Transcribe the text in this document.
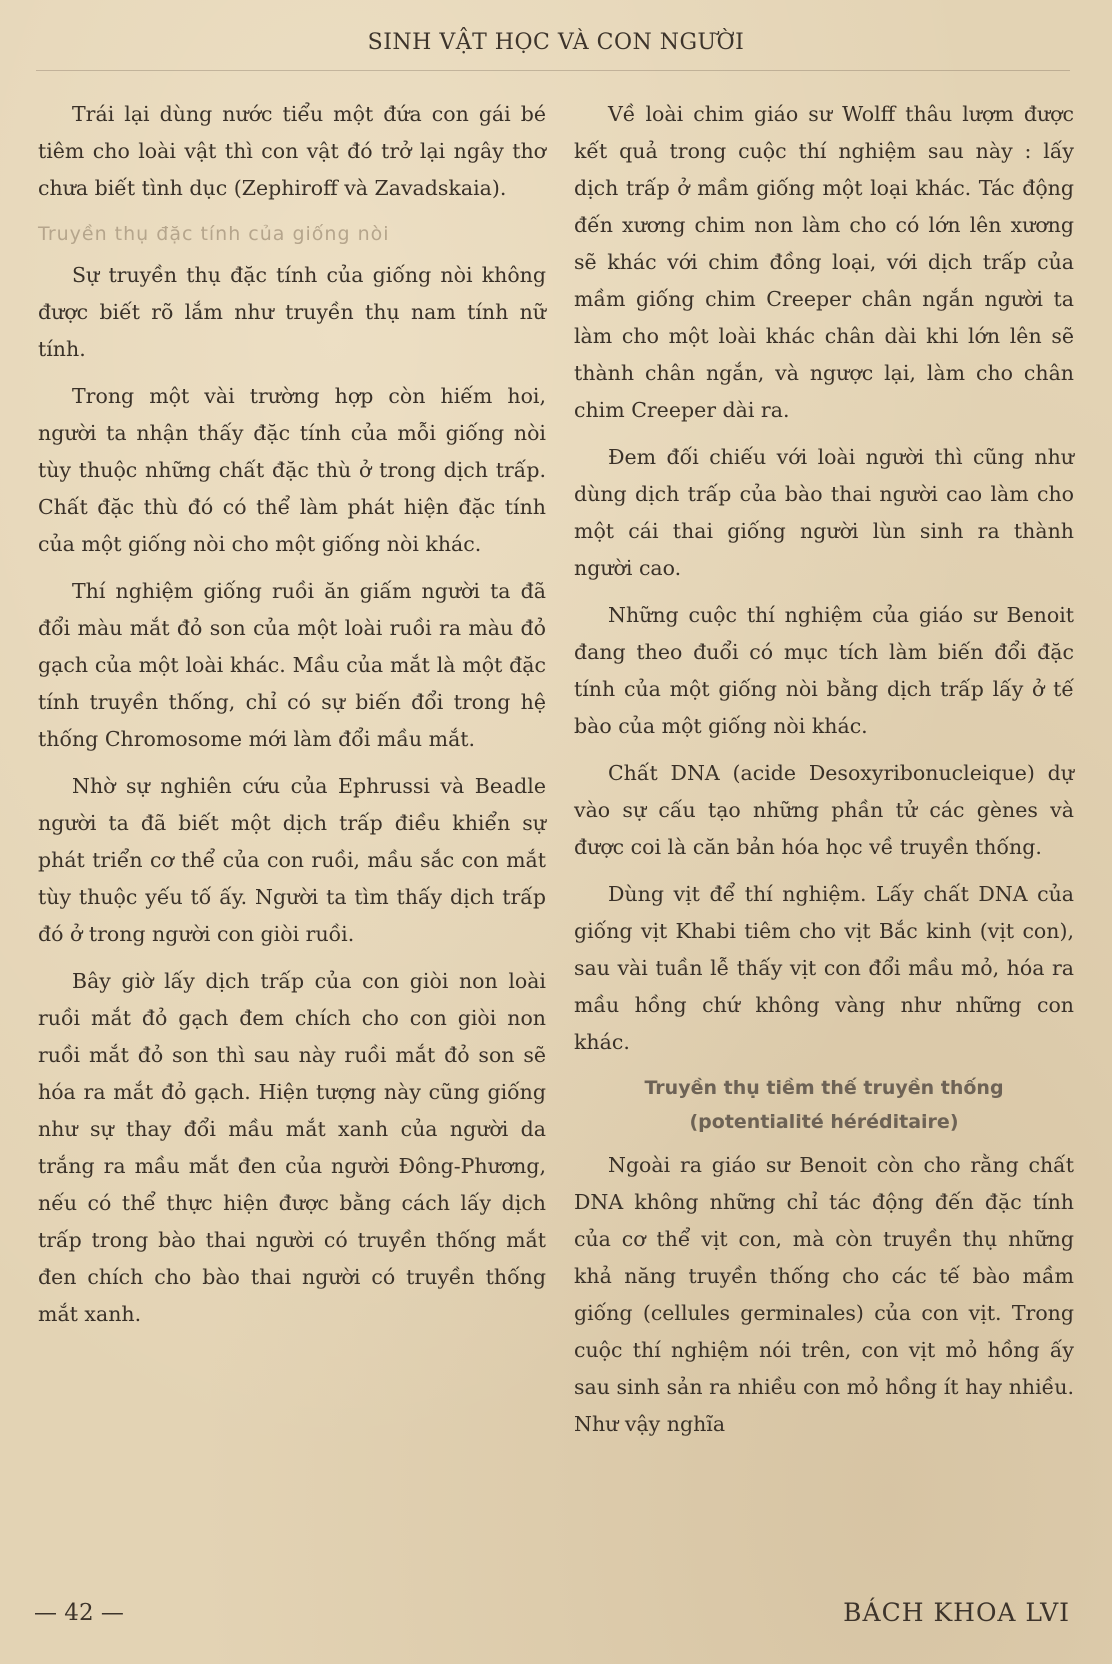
SINH VẬT HỌC VÀ CON NGƯỜI

Trái lại dùng nước tiểu một đứa con gái bé tiêm cho loài vật thì con vật đó trở lại ngây thơ chưa biết tình dục (Zephiroff và Zavadskaia).

Truyền thụ đặc tính của giống nòi

Sự truyền thụ đặc tính của giống nòi không được biết rõ lắm như truyền thụ nam tính nữ tính.

Trong một vài trường hợp còn hiếm hoi, người ta nhận thấy đặc tính của mỗi giống nòi tùy thuộc những chất đặc thù ở trong dịch trấp. Chất đặc thù đó có thể làm phát hiện đặc tính của một giống nòi cho một giống nòi khác.

Thí nghiệm giống ruồi ăn giấm người ta đã đổi màu mắt đỏ son của một loài ruồi ra màu đỏ gạch của một loài khác. Mầu của mắt là một đặc tính truyền thống, chỉ có sự biến đổi trong hệ thống Chromosome mới làm đổi mầu mắt.

Nhờ sự nghiên cứu của Ephrussi và Beadle người ta đã biết một dịch trấp điều khiển sự phát triển cơ thể của con ruồi, mầu sắc con mắt tùy thuộc yếu tố ấy. Người ta tìm thấy dịch trấp đó ở trong người con giòi ruồi.

Bây giờ lấy dịch trấp của con giòi non loài ruồi mắt đỏ gạch đem chích cho con giòi non ruồi mắt đỏ son thì sau này ruồi mắt đỏ son sẽ hóa ra mắt đỏ gạch. Hiện tượng này cũng giống như sự thay đổi mầu mắt xanh của người da trắng ra mầu mắt đen của người Đông-Phương, nếu có thể thực hiện được bằng cách lấy dịch trấp trong bào thai người có truyền thống mắt đen chích cho bào thai người có truyền thống mắt xanh.

Về loài chim giáo sư Wolff thâu lượm được kết quả trong cuộc thí nghiệm sau này : lấy dịch trấp ở mầm giống một loại khác. Tác động đến xương chim non làm cho có lớn lên xương sẽ khác với chim đồng loại, với dịch trấp của mầm giống chim Creeper chân ngắn người ta làm cho một loài khác chân dài khi lớn lên sẽ thành chân ngắn, và ngược lại, làm cho chân chim Creeper dài ra.

Đem đối chiếu với loài người thì cũng như dùng dịch trấp của bào thai người cao làm cho một cái thai giống người lùn sinh ra thành người cao.

Những cuộc thí nghiệm của giáo sư Benoit đang theo đuổi có mục tích làm biến đổi đặc tính của một giống nòi bằng dịch trấp lấy ở tế bào của một giống nòi khác.

Chất DNA (acide Desoxyribonucleique) dự vào sự cấu tạo những phần tử các gènes và được coi là căn bản hóa học về truyền thống.

Dùng vịt để thí nghiệm. Lấy chất DNA của giống vịt Khabi tiêm cho vịt Bắc kinh (vịt con), sau vài tuần lễ thấy vịt con đổi mầu mỏ, hóa ra mầu hồng chứ không vàng như những con khác.

Truyền thụ tiềm thế truyền thống
(potentialité héréditaire)

Ngoài ra giáo sư Benoit còn cho rằng chất DNA không những chỉ tác động đến đặc tính của cơ thể vịt con, mà còn truyền thụ những khả năng truyền thống cho các tế bào mầm giống (cellules germinales) của con vịt. Trong cuộc thí nghiệm nói trên, con vịt mỏ hồng ấy sau sinh sản ra nhiều con mỏ hồng ít hay nhiều. Như vậy nghĩa

— 42 —	BÁCH KHOA LVI
